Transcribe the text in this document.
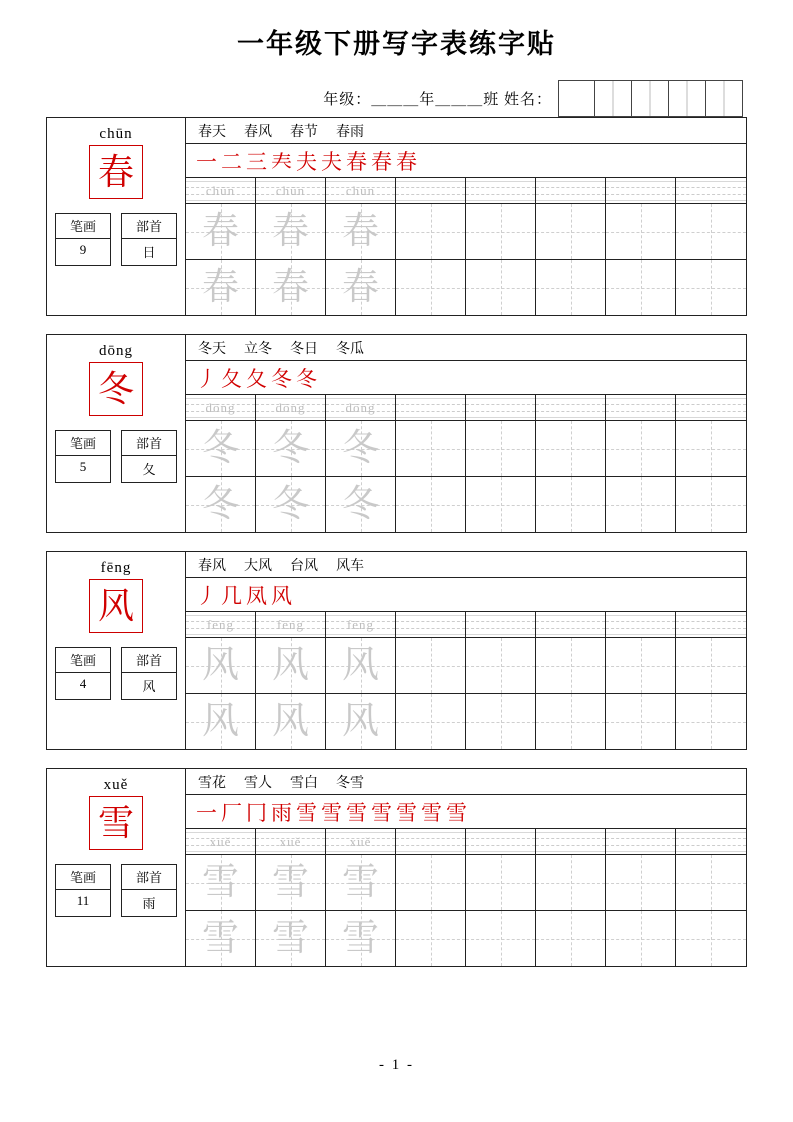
一年级下册写字表练字贴
年级：＿＿＿年＿＿＿班 姓名：
chūn
春
笔画
9
部首
日
春天 春风 春节 春雨
一 二 三 𡗗 夫 夫 春 春 春
chūn	chūn	chūn
春 春 春
春 春 春
dōng
冬
笔画
5
部首
夂
冬天 立冬 冬日 冬瓜
丿 夂 夂 冬 冬
dōng	dōng	dōng
冬 冬 冬
冬 冬 冬
fēng
风
笔画
4
部首
风
春风 大风 台风 风车
丿 几 凤 风
fēng	fēng	fēng
风 风 风
风 风 风
xuě
雪
笔画
11
部首
雨
雪花 雪人 雪白 冬雪
一 厂 冂 雨 雪 雪 雪 雪 雪 雪 雪
xuě	xuě	xuě
雪 雪 雪
雪 雪 雪
- 1 -
